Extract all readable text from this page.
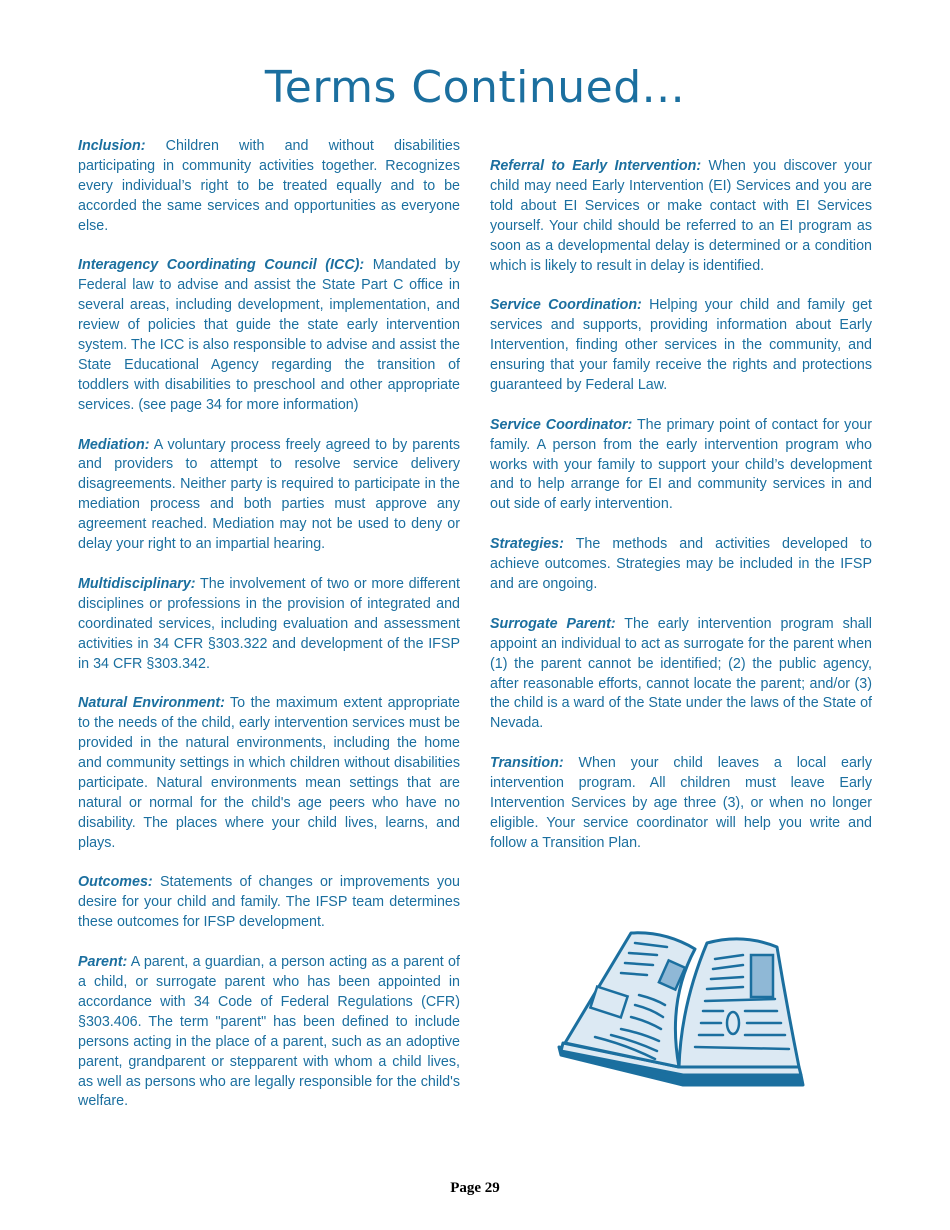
Terms Continued...

Inclusion: Children with and without disabilities participating in community activities together. Recognizes every individual’s right to be treated equally and to be accorded the same services and opportunities as everyone else.

Interagency Coordinating Council (ICC): Mandated by Federal law to advise and assist the State Part C office in several areas, including development, implementation, and review of policies that guide the state early intervention system. The ICC is also responsible to advise and assist the State Educational Agency regarding the transition of toddlers with disabilities to preschool and other appropriate services. (see page 34 for more information)

Mediation: A voluntary process freely agreed to by parents and providers to attempt to resolve service delivery disagreements. Neither party is required to participate in the mediation process and both parties must approve any agreement reached. Mediation may not be used to deny or delay your right to an impartial hearing.

Multidisciplinary: The involvement of two or more different disciplines or professions in the provision of integrated and coordinated services, including evaluation and assessment activities in 34 CFR §303.322 and development of the IFSP in 34 CFR §303.342.

Natural Environment: To the maximum extent appropriate to the needs of the child, early intervention services must be provided in the natural environments, including the home and community settings in which children without disabilities participate. Natural environments mean settings that are natural or normal for the child's age peers who have no disability. The places where your child lives, learns, and plays.

Outcomes: Statements of changes or improvements you desire for your child and family. The IFSP team determines these outcomes for IFSP development.

Parent: A parent, a guardian, a person acting as a parent of a child, or surrogate parent who has been appointed in accordance with 34 Code of Federal Regulations (CFR) §303.406. The term "parent" has been defined to include persons acting in the place of a parent, such as an adoptive parent, grandparent or stepparent with whom a child lives, as well as persons who are legally responsible for the child's welfare.

Referral to Early Intervention: When you discover your child may need Early Intervention (EI) Services and you are told about EI Services or make contact with EI Services yourself. Your child should be referred to an EI program as soon as a developmental delay is determined or a condition which is likely to result in delay is identified.

Service Coordination: Helping your child and family get services and supports, providing information about Early Intervention, finding other services in the community, and ensuring that your family receive the rights and protections guaranteed by Federal Law.

Service Coordinator: The primary point of contact for your family. A person from the early intervention program who works with your family to support your child’s development and to help arrange for EI and community services in and out side of early intervention.

Strategies: The methods and activities developed to achieve outcomes. Strategies may be included in the IFSP and are ongoing.

Surrogate Parent: The early intervention program shall appoint an individual to act as surrogate for the parent when (1) the parent cannot be identified; (2) the public agency, after reasonable efforts, cannot locate the parent; and/or (3) the child is a ward of the State under the laws of the State of Nevada.

Transition: When your child leaves a local early intervention program. All children must leave Early Intervention Services by age three (3), or when no longer eligible. Your service coordinator will help you write and follow a Transition Plan.

Page 29
